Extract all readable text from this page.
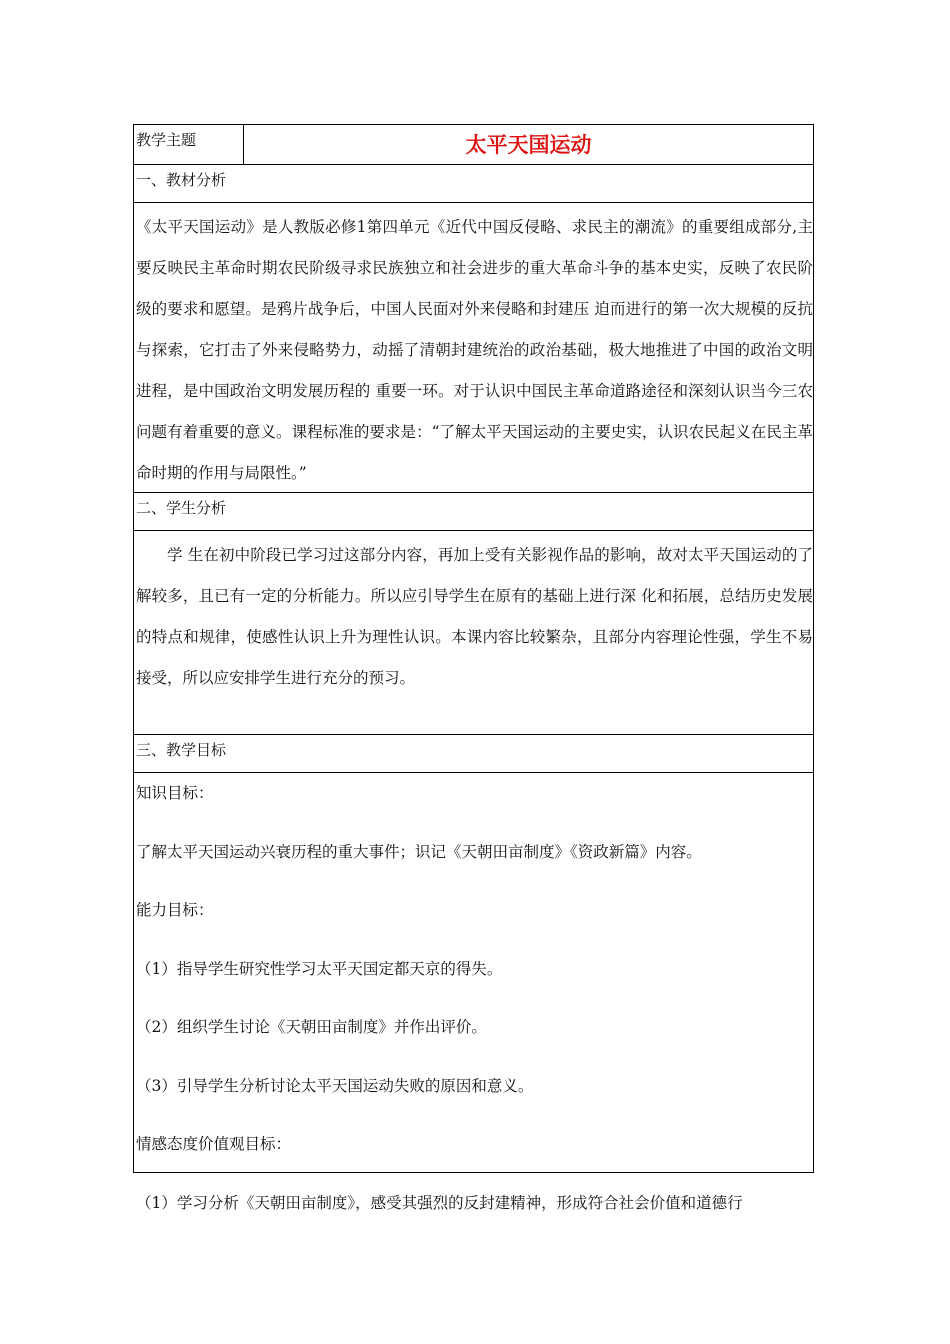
教学主题	太平天国运动
一、教材分析
《太平天国运动》是人教版必修1第四单元《近代中国反侵略、求民主的潮流》的重要组成部分,主 要反映民主革命时期农民阶级寻求民族独立和社会进步的重大革命斗争的基本史实，反映了农民阶级的要求和愿望。是鸦片战争后，中国人民面对外来侵略和封建压 迫而进行的第一次大规模的反抗与探索，它打击了外来侵略势力，动摇了清朝封建统治的政治基础，极大地推进了中国的政治文明进程，是中国政治文明发展历程的 重要一环。对于认识中国民主革命道路途径和深刻认识当今三农问题有着重要的意义。课程标准的要求是：“了解太平天国运动的主要史实，认识农民起义在民主革命时期的作用与局限性。”
二、学生分析
学 生在初中阶段已学习过这部分内容，再加上受有关影视作品的影响，故对太平天国运动的了解较多，且已有一定的分析能力。所以应引导学生在原有的基础上进行深 化和拓展，总结历史发展的特点和规律，使感性认识上升为理性认识。本课内容比较繁杂，且部分内容理论性强，学生不易接受，所以应安排学生进行充分的预习。
三、教学目标
知识目标：
了解太平天国运动兴衰历程的重大事件；识记《天朝田亩制度》《资政新篇》内容。
能力目标：
（1）指导学生研究性学习太平天国定都天京的得失。
（2）组织学生讨论《天朝田亩制度》并作出评价。
（3）引导学生分析讨论太平天国运动失败的原因和意义。
情感态度价值观目标：
（1）学习分析《天朝田亩制度》，感受其强烈的反封建精神，形成符合社会价值和道德行
